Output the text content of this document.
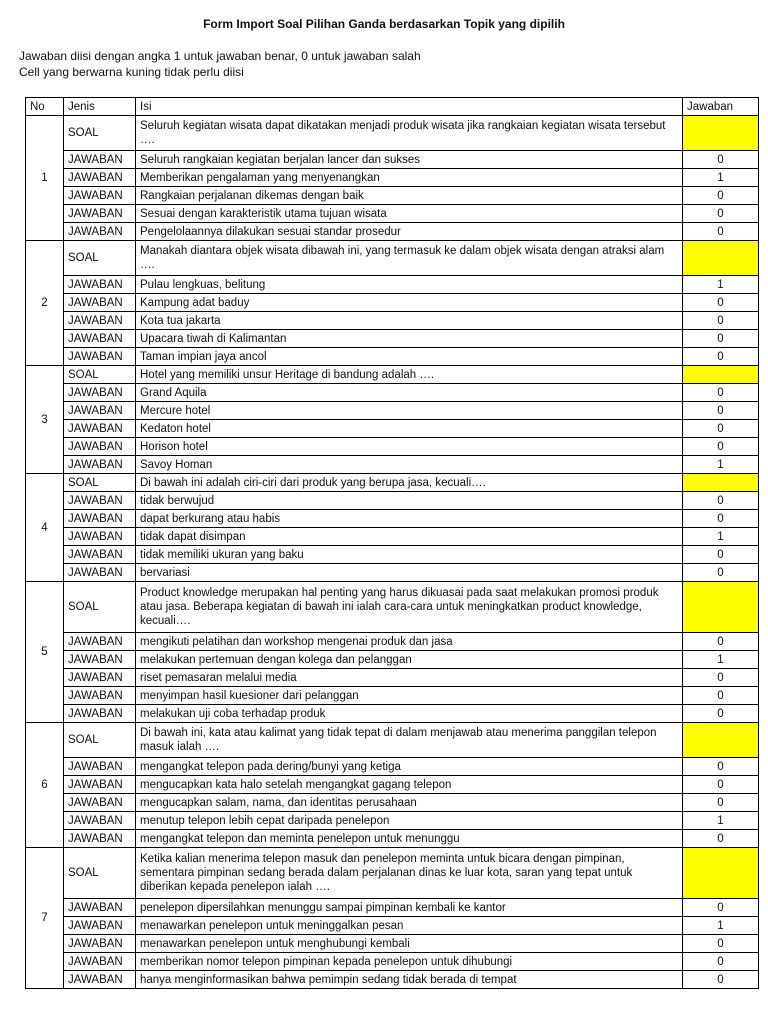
Form Import Soal Pilihan Ganda berdasarkan Topik yang dipilih
Jawaban diisi dengan angka 1 untuk jawaban benar, 0 untuk jawaban salah
Cell yang berwarna kuning tidak perlu diisi
No	Jenis	Isi	Jawaban
1	SOAL	Seluruh kegiatan wisata dapat dikatakan menjadi produk wisata jika rangkaian kegiatan wisata tersebut ….	
	JAWABAN	Seluruh rangkaian kegiatan berjalan lancer dan sukses	0
	JAWABAN	Memberikan pengalaman yang menyenangkan	1
	JAWABAN	Rangkaian perjalanan dikemas dengan baik	0
	JAWABAN	Sesuai dengan karakteristik utama tujuan wisata	0
	JAWABAN	Pengelolaannya dilakukan sesuai standar prosedur	0
2	SOAL	Manakah diantara objek wisata dibawah ini, yang termasuk ke dalam objek wisata dengan atraksi alam ….	
	JAWABAN	Pulau lengkuas, belitung	1
	JAWABAN	Kampung adat baduy	0
	JAWABAN	Kota tua jakarta	0
	JAWABAN	Upacara tiwah di Kalimantan	0
	JAWABAN	Taman impian jaya ancol	0
3	SOAL	Hotel yang memiliki unsur Heritage di bandung adalah ….	
	JAWABAN	Grand Aquila	0
	JAWABAN	Mercure hotel	0
	JAWABAN	Kedaton hotel	0
	JAWABAN	Horison hotel	0
	JAWABAN	Savoy Homan	1
4	SOAL	Di bawah ini adalah ciri-ciri dari produk yang berupa jasa, kecuali….	
	JAWABAN	tidak berwujud	0
	JAWABAN	dapat berkurang atau habis	0
	JAWABAN	tidak dapat disimpan	1
	JAWABAN	tidak memiliki ukuran yang baku	0
	JAWABAN	bervariasi	0
5	SOAL	Product knowledge merupakan hal penting yang harus dikuasai pada saat melakukan promosi produk atau jasa. Beberapa kegiatan di bawah ini ialah cara-cara untuk meningkatkan product knowledge, kecuali….	
	JAWABAN	mengikuti pelatihan dan workshop mengenai produk dan jasa	0
	JAWABAN	melakukan pertemuan dengan kolega dan pelanggan	1
	JAWABAN	riset pemasaran melalui media	0
	JAWABAN	menyimpan hasil kuesioner dari pelanggan	0
	JAWABAN	melakukan uji coba terhadap produk	0
6	SOAL	Di bawah ini, kata atau kalimat yang tidak tepat di dalam menjawab atau menerima panggilan telepon masuk ialah ….	
	JAWABAN	mengangkat telepon pada dering/bunyi yang ketiga	0
	JAWABAN	mengucapkan kata halo setelah mengangkat gagang telepon	0
	JAWABAN	mengucapkan salam, nama, dan identitas perusahaan	0
	JAWABAN	menutup telepon lebih cepat daripada penelepon	1
	JAWABAN	mengangkat telepon dan meminta penelepon untuk menunggu	0
7	SOAL	Ketika kalian menerima telepon masuk dan penelepon meminta untuk bicara dengan pimpinan, sementara pimpinan sedang berada dalam perjalanan dinas ke luar kota, saran yang tepat untuk diberikan kepada penelepon ialah ….	
	JAWABAN	penelepon dipersilahkan menunggu sampai pimpinan kembali ke kantor	0
	JAWABAN	menawarkan penelepon untuk meninggalkan pesan	1
	JAWABAN	menawarkan penelepon untuk menghubungi kembali	0
	JAWABAN	memberikan nomor telepon pimpinan kepada penelepon untuk dihubungi	0
	JAWABAN	hanya menginformasikan bahwa pemimpin sedang tidak berada di tempat	0
